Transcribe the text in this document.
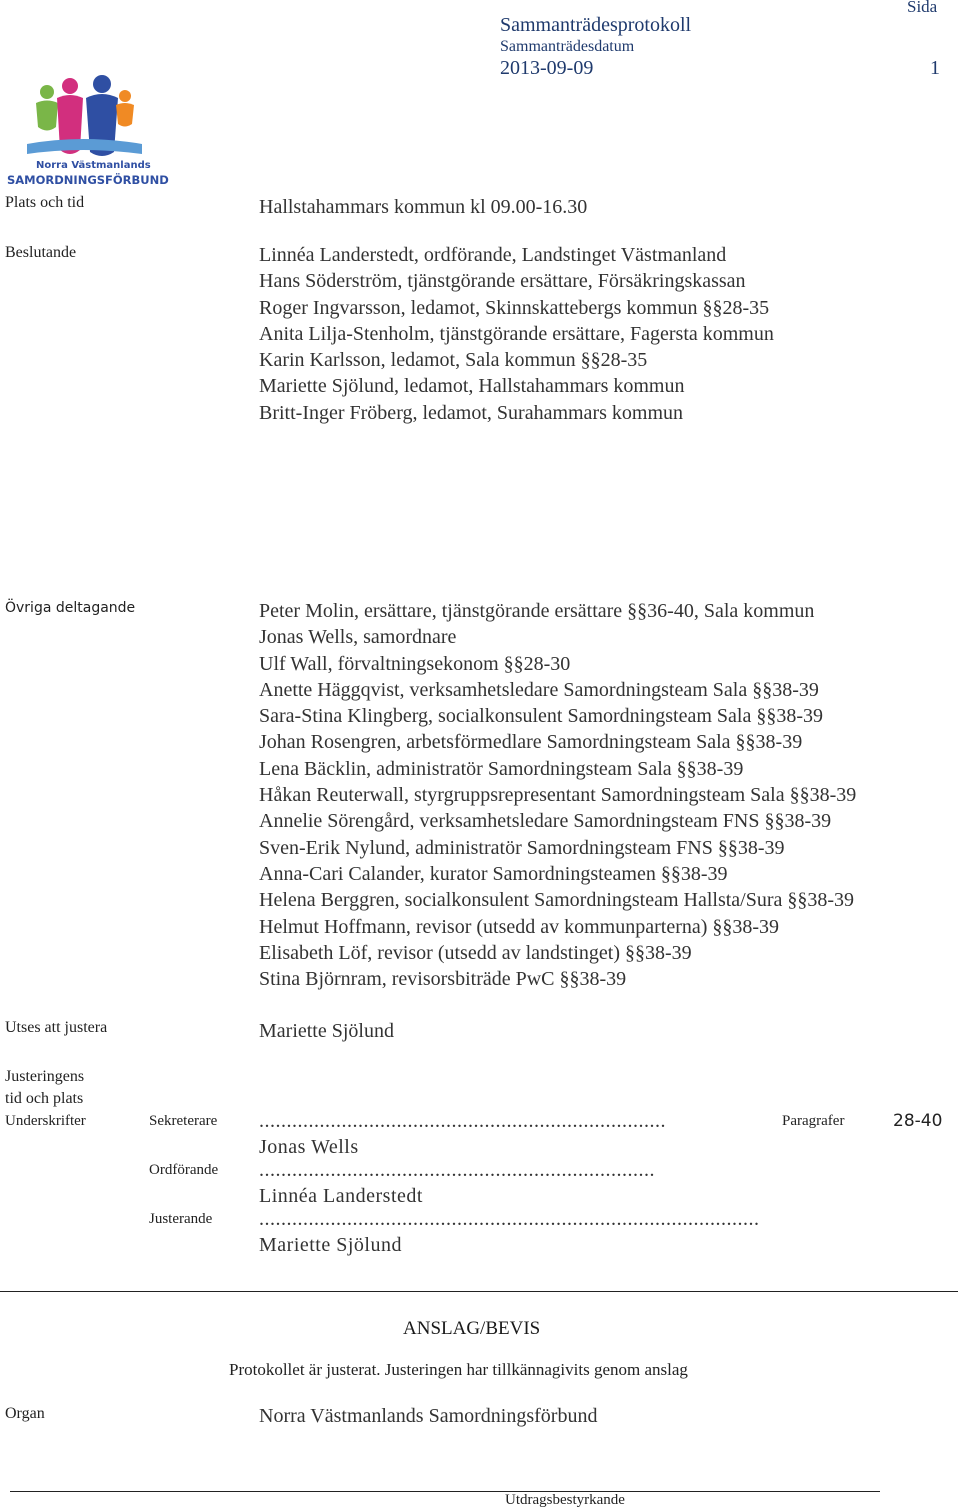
Sammanträdesprotokoll
Sammanträdesdatum
2013-09-09
Sida
1
Norra Västmanlands
SAMORDNINGSFÖRBUND
Plats och tid	Hallstahammars kommun kl 09.00-16.30
Beslutande	Linnéa Landerstedt, ordförande, Landstinget Västmanland
Hans Söderström, tjänstgörande ersättare, Försäkringskassan
Roger Ingvarsson, ledamot, Skinnskattebergs kommun §§28-35
Anita Lilja-Stenholm, tjänstgörande ersättare, Fagersta kommun
Karin Karlsson, ledamot, Sala kommun §§28-35
Mariette Sjölund, ledamot, Hallstahammars kommun
Britt-Inger Fröberg, ledamot, Surahammars kommun
Övriga deltagande	Peter Molin, ersättare, tjänstgörande ersättare §§36-40, Sala kommun
Jonas Wells, samordnare
Ulf Wall, förvaltningsekonom §§28-30
Anette Häggqvist, verksamhetsledare Samordningsteam Sala §§38-39
Sara-Stina Klingberg, socialkonsulent Samordningsteam Sala §§38-39
Johan Rosengren, arbetsförmedlare Samordningsteam Sala §§38-39
Lena Bäcklin, administratör Samordningsteam Sala §§38-39
Håkan Reuterwall, styrgruppsrepresentant Samordningsteam Sala §§38-39
Annelie Sörengård, verksamhetsledare Samordningsteam FNS §§38-39
Sven-Erik Nylund, administratör Samordningsteam FNS §§38-39
Anna-Cari Calander, kurator Samordningsteamen §§38-39
Helena Berggren, socialkonsulent Samordningsteam Hallsta/Sura §§38-39
Helmut Hoffmann, revisor (utsedd av kommunparterna) §§38-39
Elisabeth Löf, revisor (utsedd av landstinget) §§38-39
Stina Björnram, revisorsbiträde PwC §§38-39
Utses att justera	Mariette Sjölund
Justeringens
tid och plats
Underskrifter	Sekreterare ..........................................................................
Jonas Wells
Paragrafer	28-40
Ordförande ........................................................................
Linnéa Landerstedt
Justerande ...........................................................................................
Mariette Sjölund
ANSLAG/BEVIS
Protokollet är justerat. Justeringen har tillkännagivits genom anslag
Organ	Norra Västmanlands Samordningsförbund
Utdragsbestyrkande
